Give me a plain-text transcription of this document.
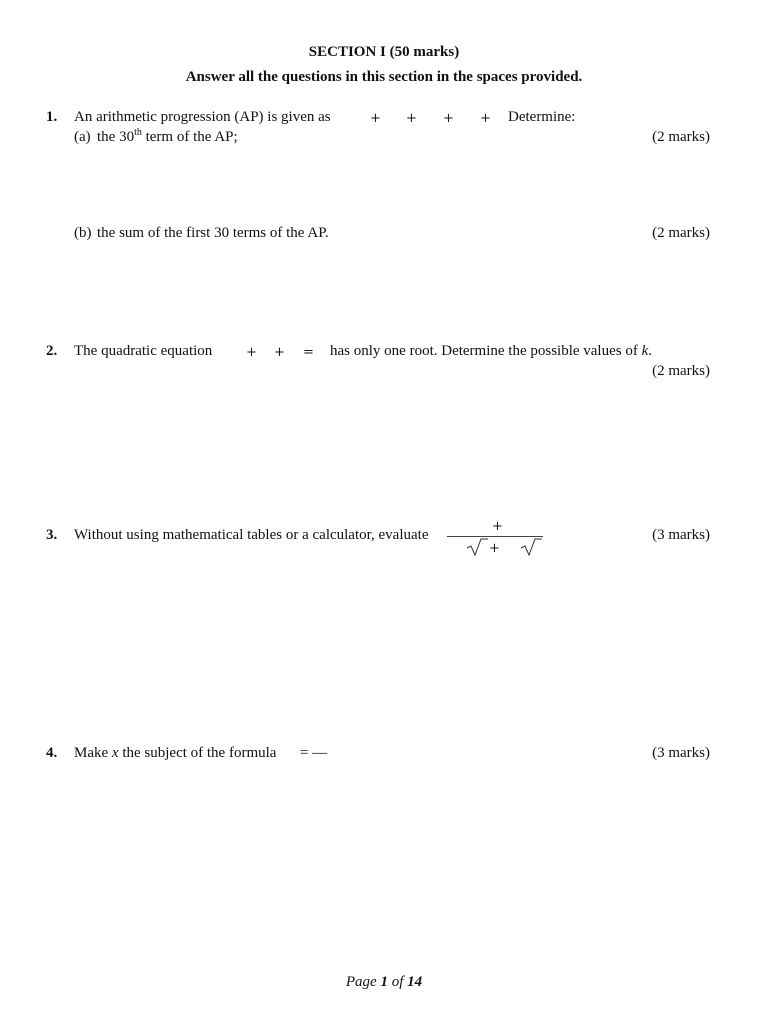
SECTION I (50 marks)
Answer all the questions in this section in the spaces provided.
1. An arithmetic progression (AP) is given as	+ + + + Determine:
(a) the 30th term of the AP;	(2 marks)
(b) the sum of the first 30 terms of the AP.	(2 marks)
2. The quadratic equation	+ + = has only one root. Determine the possible values of k.
(2 marks)
3. Without using mathematical tables or a calculator, evaluate
+
+
(3 marks)
4. Make x the subject of the formula = —	(3 marks)
Page 1 of 14
